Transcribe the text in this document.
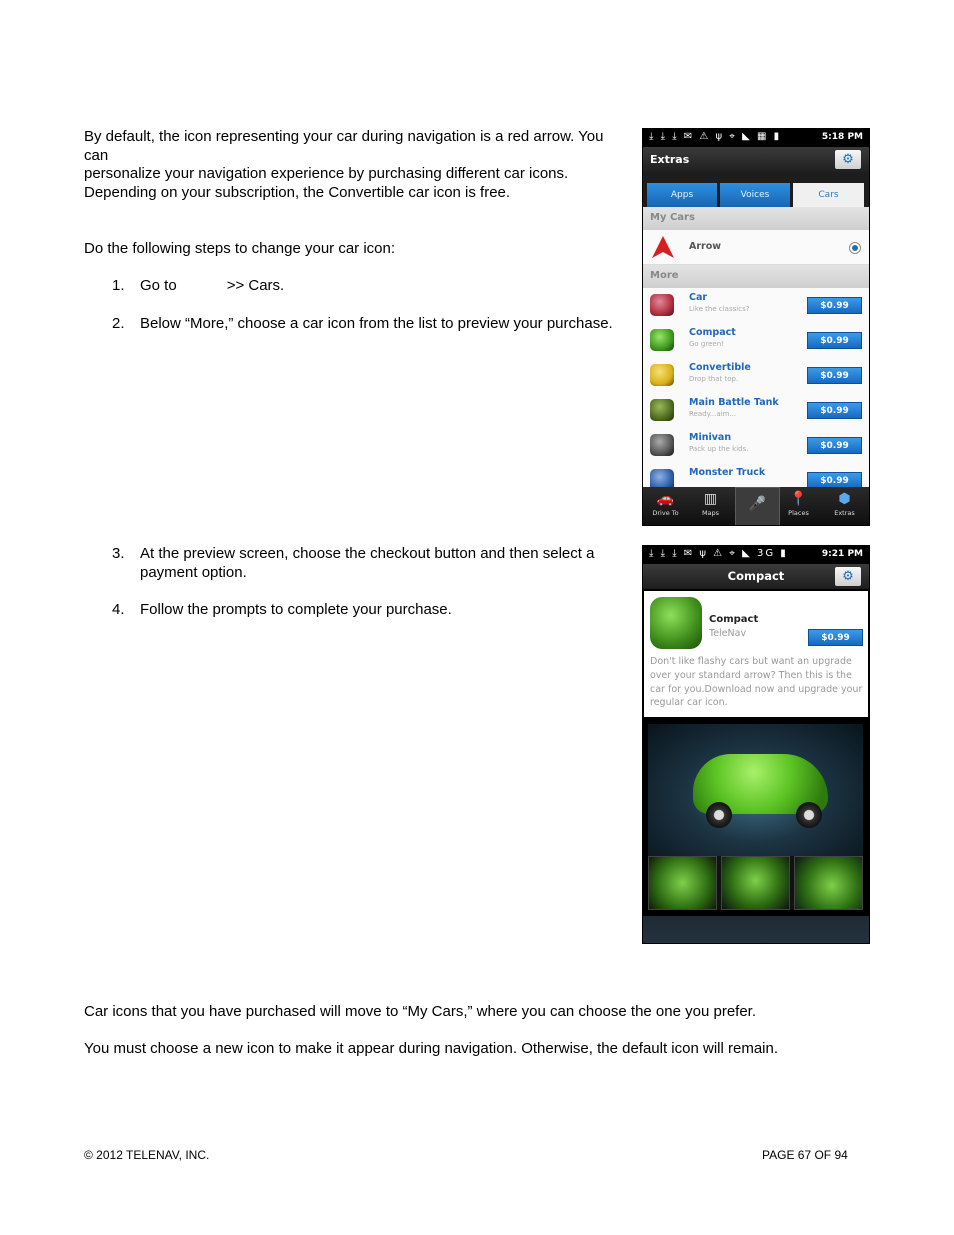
By default, the icon representing your car during navigation is a red arrow. You can
personalize your navigation experience by purchasing different car icons.
Depending on your subscription, the Convertible car icon is free.
Do the following steps to change your car icon:
1. Go to            >> Cars.
2. Below “More,” choose a car icon from the list to preview your purchase.
3. At the preview screen, choose the checkout button and then select a
payment option.
4. Follow the prompts to complete your purchase.
⤓ ⤓ ⤓ ✉ ⚠ ψ ⌖ ◣ ▦ ▮	5:18 PM
Extras	⚙
Apps	Voices	Cars
My Cars
Arrow
More
Car
Like the classics?	$0.99
Compact
Go green!	$0.99
Convertible
Drop that top.	$0.99
Main Battle Tank
Ready...aim...	$0.99
Minivan
Pack up the kids.	$0.99
Monster Truck
$0.99
🚗
Drive To
▥
Maps
🎤	📍
Places
⬢
Extras
⤓ ⤓ ⤓ ✉ ψ ⚠ ⌖ ◣ 3G ▮	9:21 PM
Compact	⚙
Compact
TeleNav	$0.99
Don't like flashy cars but want an upgrade over your standard arrow? Then this is the car for you.Download now and upgrade your regular car icon.
Car icons that you have purchased will move to “My Cars,” where you can choose the one you prefer.
You must choose a new icon to make it appear during navigation. Otherwise, the default icon will remain.
© 2012 TELENAV, INC.	PAGE 67 OF 94
